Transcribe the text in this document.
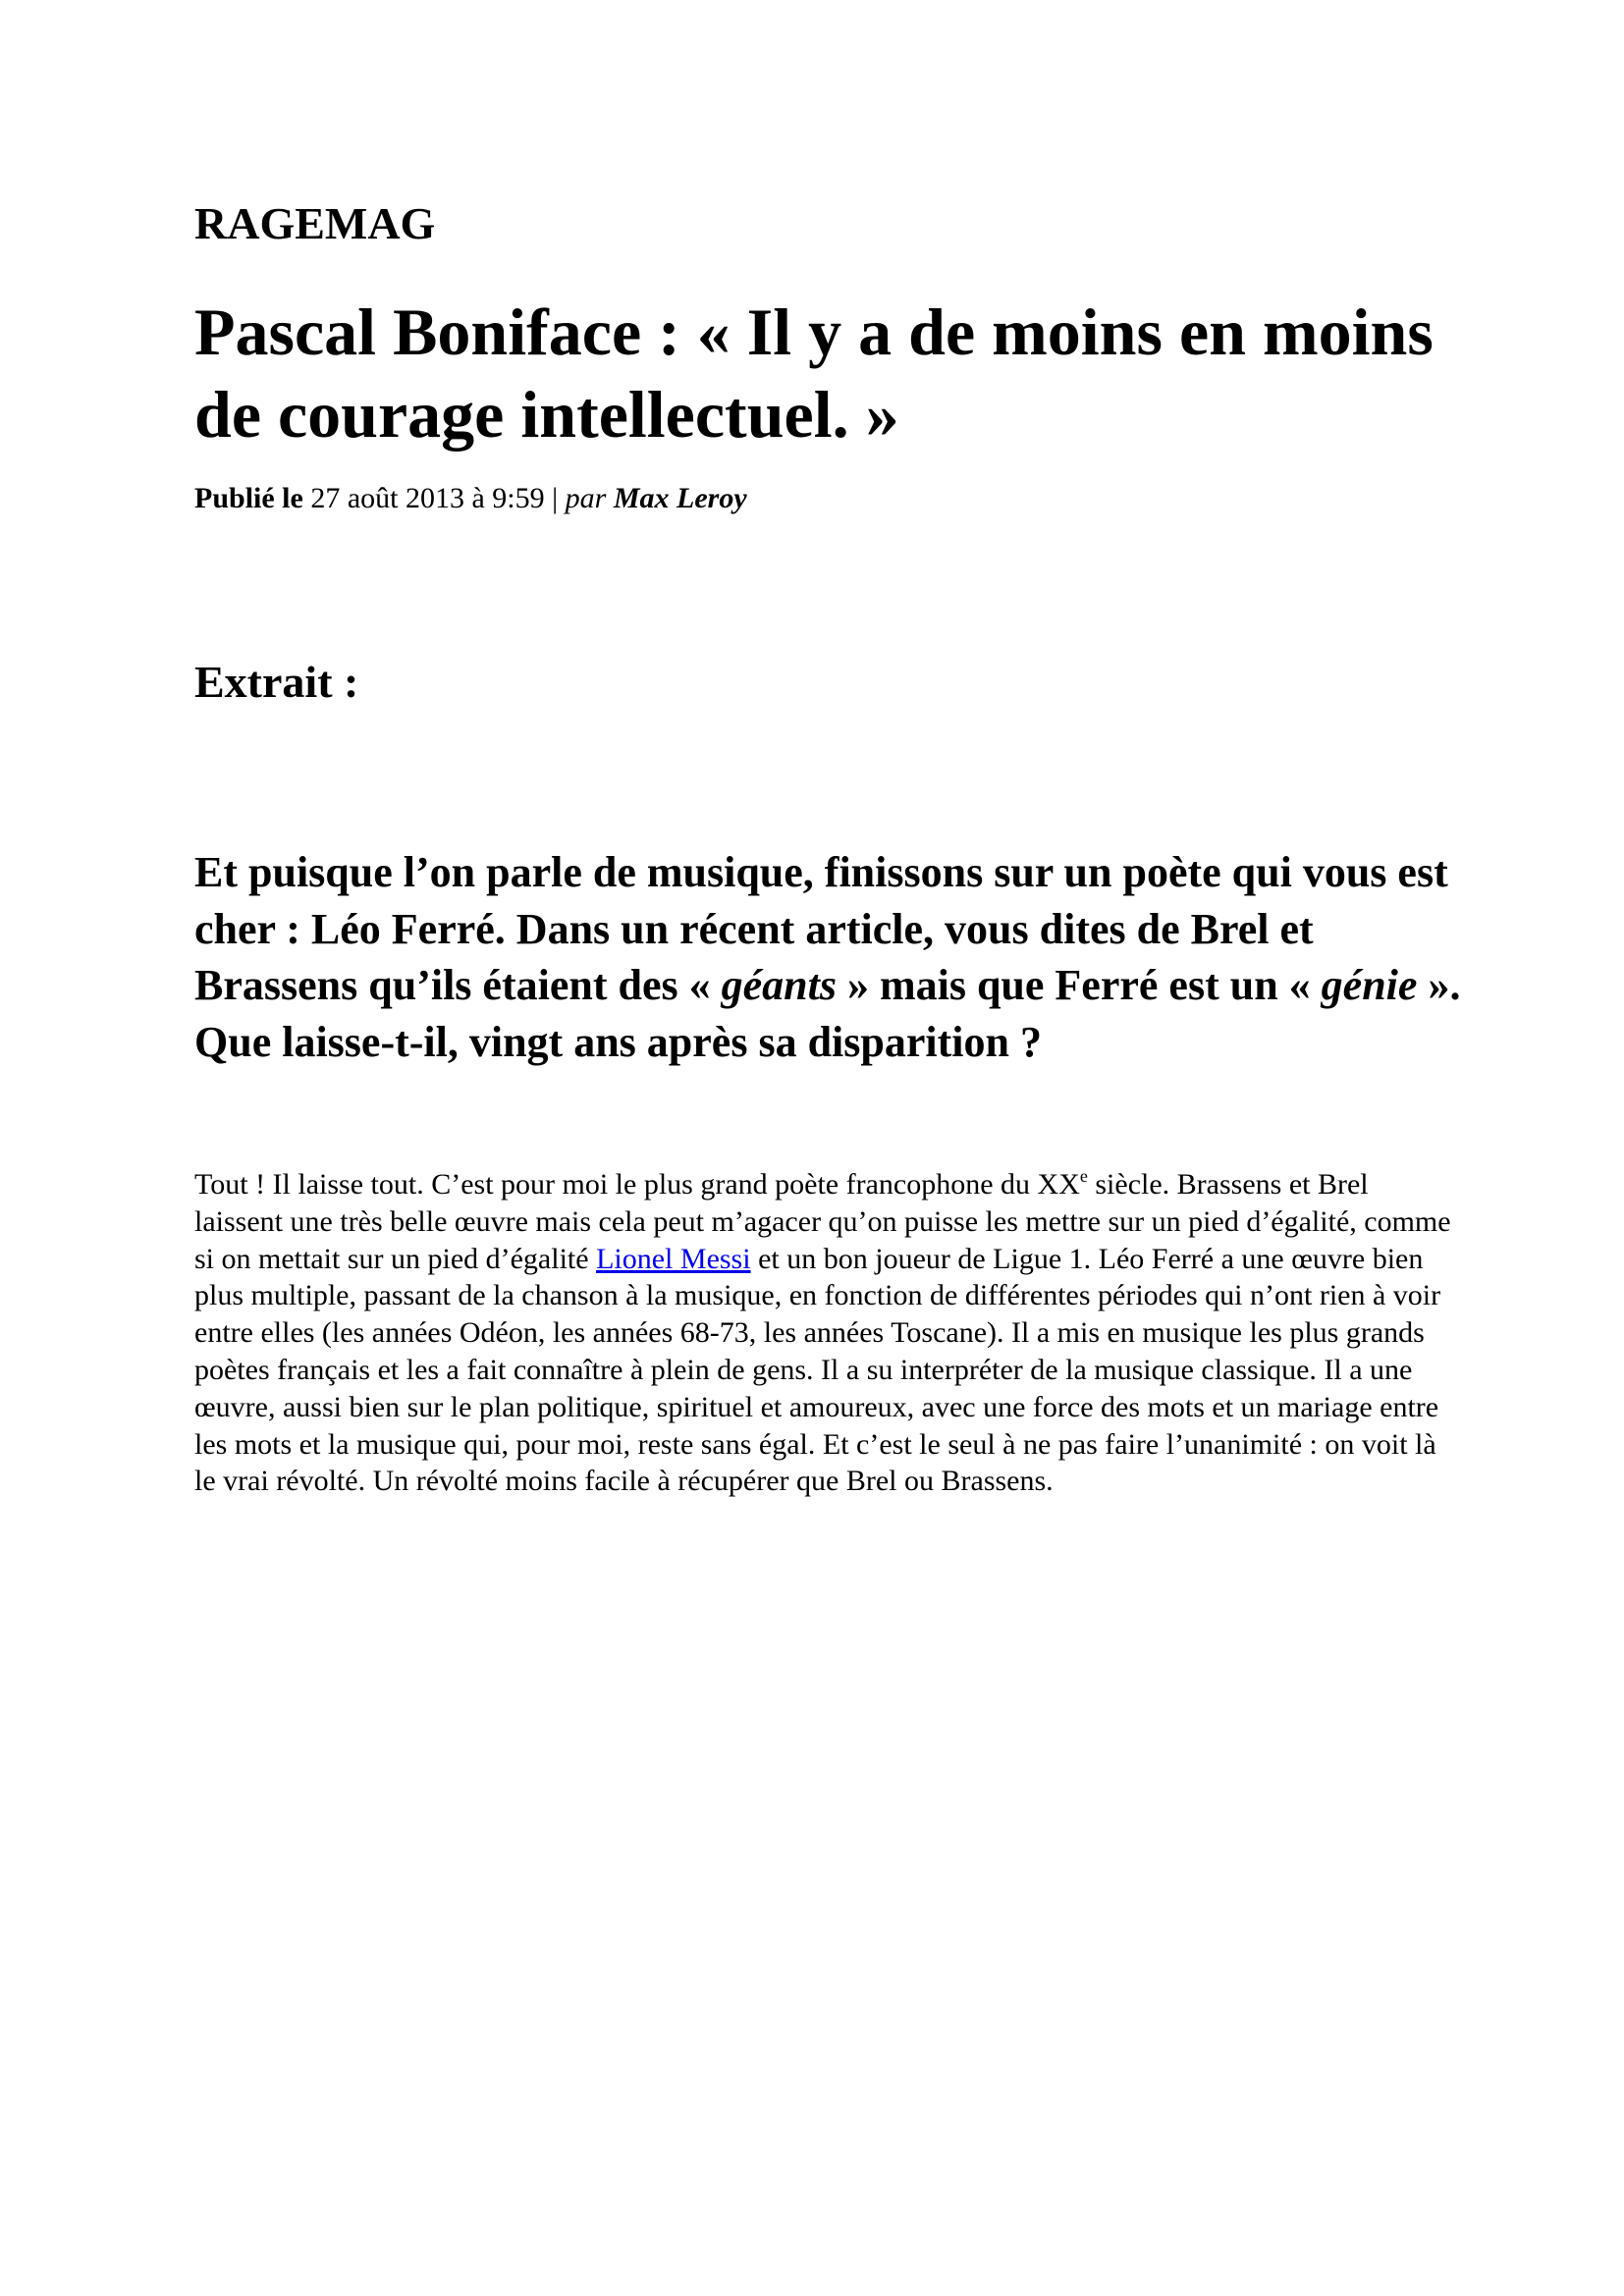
RAGEMAG
Pascal Boniface : « Il y a de moins en moins de courage intellectuel. »

Publié le 27 août 2013 à 9:59 | par Max Leroy

Extrait :

Et puisque l’on parle de musique, finissons sur un poète qui vous est cher : Léo Ferré. Dans un récent article, vous dites de Brel et Brassens qu’ils étaient des « géants » mais que Ferré est un « génie ». Que laisse-t-il, vingt ans après sa disparition ?

Tout ! Il laisse tout. C’est pour moi le plus grand poète francophone du XXe siècle. Brassens et Brel laissent une très belle œuvre mais cela peut m’agacer qu’on puisse les mettre sur un pied d’égalité, comme si on mettait sur un pied d’égalité Lionel Messi et un bon joueur de Ligue 1. Léo Ferré a une œuvre bien plus multiple, passant de la chanson à la musique, en fonction de différentes périodes qui n’ont rien à voir entre elles (les années Odéon, les années 68-73, les années Toscane). Il a mis en musique les plus grands poètes français et les a fait connaître à plein de gens. Il a su interpréter de la musique classique. Il a une œuvre, aussi bien sur le plan politique, spirituel et amoureux, avec une force des mots et un mariage entre les mots et la musique qui, pour moi, reste sans égal. Et c’est le seul à ne pas faire l’unanimité : on voit là le vrai révolté. Un révolté moins facile à récupérer que Brel ou Brassens.
